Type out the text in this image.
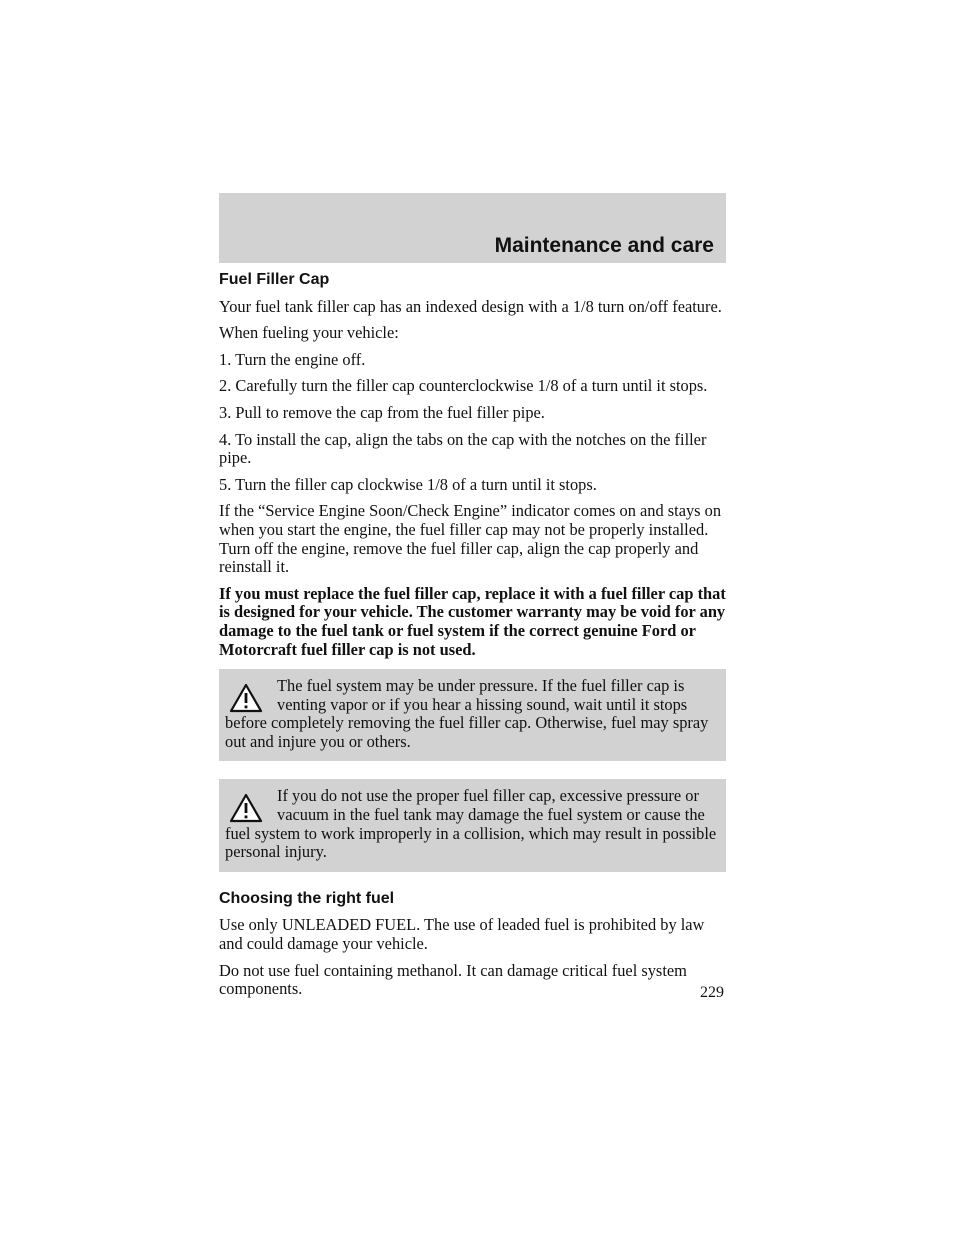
Maintenance and care
Fuel Filler Cap

Your fuel tank filler cap has an indexed design with a 1/8 turn on/off feature.

When fueling your vehicle:

1. Turn the engine off.

2. Carefully turn the filler cap counterclockwise 1/8 of a turn until it stops.

3. Pull to remove the cap from the fuel filler pipe.

4. To install the cap, align the tabs on the cap with the notches on the filler pipe.

5. Turn the filler cap clockwise 1/8 of a turn until it stops.

If the “Service Engine Soon/Check Engine” indicator comes on and stays on when you start the engine, the fuel filler cap may not be properly installed. Turn off the engine, remove the fuel filler cap, align the cap properly and reinstall it.

If you must replace the fuel filler cap, replace it with a fuel filler cap that is designed for your vehicle. The customer warranty may be void for any damage to the fuel tank or fuel system if the correct genuine Ford or Motorcraft fuel filler cap is not used.

The fuel system may be under pressure. If the fuel filler cap is venting vapor or if you hear a hissing sound, wait until it stops before completely removing the fuel filler cap. Otherwise, fuel may spray out and injure you or others.

If you do not use the proper fuel filler cap, excessive pressure or vacuum in the fuel tank may damage the fuel system or cause the fuel system to work improperly in a collision, which may result in possible personal injury.

Choosing the right fuel

Use only UNLEADED FUEL. The use of leaded fuel is prohibited by law and could damage your vehicle.

Do not use fuel containing methanol. It can damage critical fuel system components.	229
